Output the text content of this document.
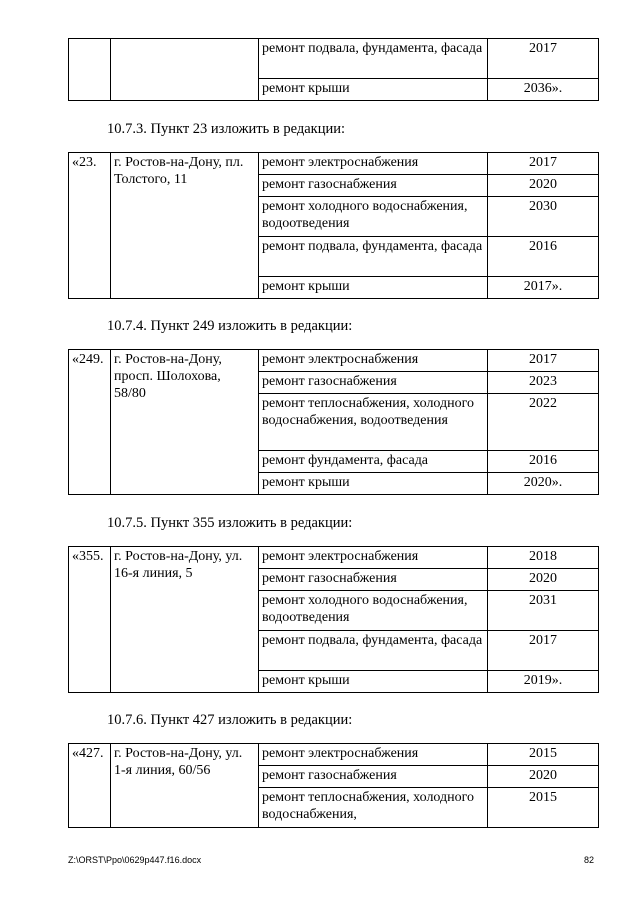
		ремонт подвала, фундамента, фасада	2017
		ремонт крыши	2036».
10.7.3. Пункт 23 изложить в редакции:
«23.	г. Ростов-на-Дону, пл. Толстого, 11	ремонт электроснабжения	2017
		ремонт газоснабжения	2020
		ремонт холодного водоснабжения, водоотведения	2030
		ремонт подвала, фундамента, фасада	2016
		ремонт крыши	2017».
10.7.4. Пункт 249 изложить в редакции:
«249.	г. Ростов-на-Дону, просп. Шолохова, 58/80	ремонт электроснабжения	2017
		ремонт газоснабжения	2023
		ремонт теплоснабжения, холодного водоснабжения, водоотведения	2022
		ремонт фундамента, фасада	2016
		ремонт крыши	2020».
10.7.5. Пункт 355 изложить в редакции:
«355.	г. Ростов-на-Дону, ул. 16-я линия, 5	ремонт электроснабжения	2018
		ремонт газоснабжения	2020
		ремонт холодного водоснабжения, водоотведения	2031
		ремонт подвала, фундамента, фасада	2017
		ремонт крыши	2019».
10.7.6. Пункт 427 изложить в редакции:
«427.	г. Ростов-на-Дону, ул. 1-я линия, 60/56	ремонт электроснабжения	2015
		ремонт газоснабжения	2020
		ремонт теплоснабжения, холодного водоснабжения,	2015
Z:\ORST\Ppo\0629p447.f16.docx	82
